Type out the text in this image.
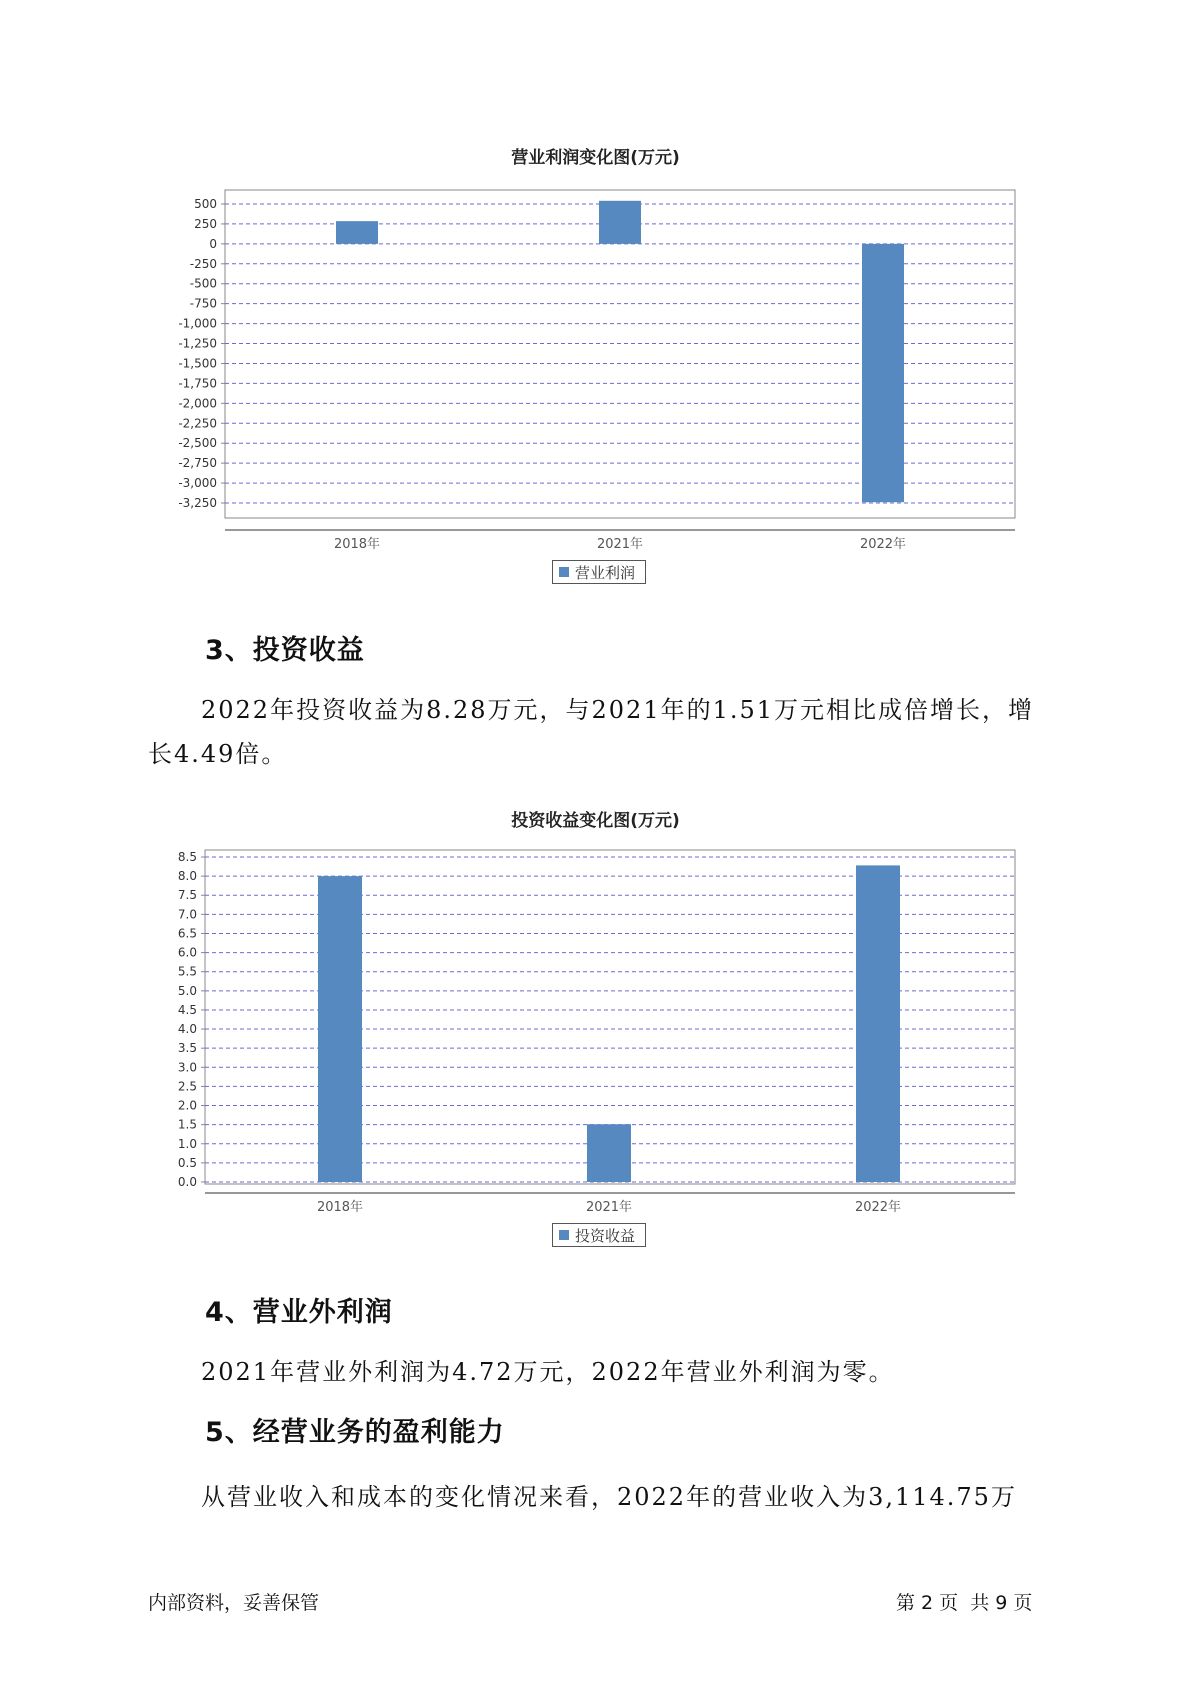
营业利润变化图(万元)
500
250
0
-250
-500
-750
-1,000
-1,250
-1,500
-1,750
-2,000
-2,250
-2,500
-2,750
-3,000
-3,250
2018年	2021年	2022年
营业利润
3、投资收益
2022年投资收益为8.28万元，与2021年的1.51万元相比成倍增长，增长4.49倍。
投资收益变化图(万元)
8.5
8.0
7.5
7.0
6.5
6.0
5.5
5.0
4.5
4.0
3.5
3.0
2.5
2.0
1.5
1.0
0.5
0.0
2018年	2021年	2022年
投资收益
4、营业外利润
2021年营业外利润为4.72万元，2022年营业外利润为零。
5、经营业务的盈利能力
从营业收入和成本的变化情况来看，2022年的营业收入为3,114.75万
内部资料，妥善保管	第 2 页  共 9 页
